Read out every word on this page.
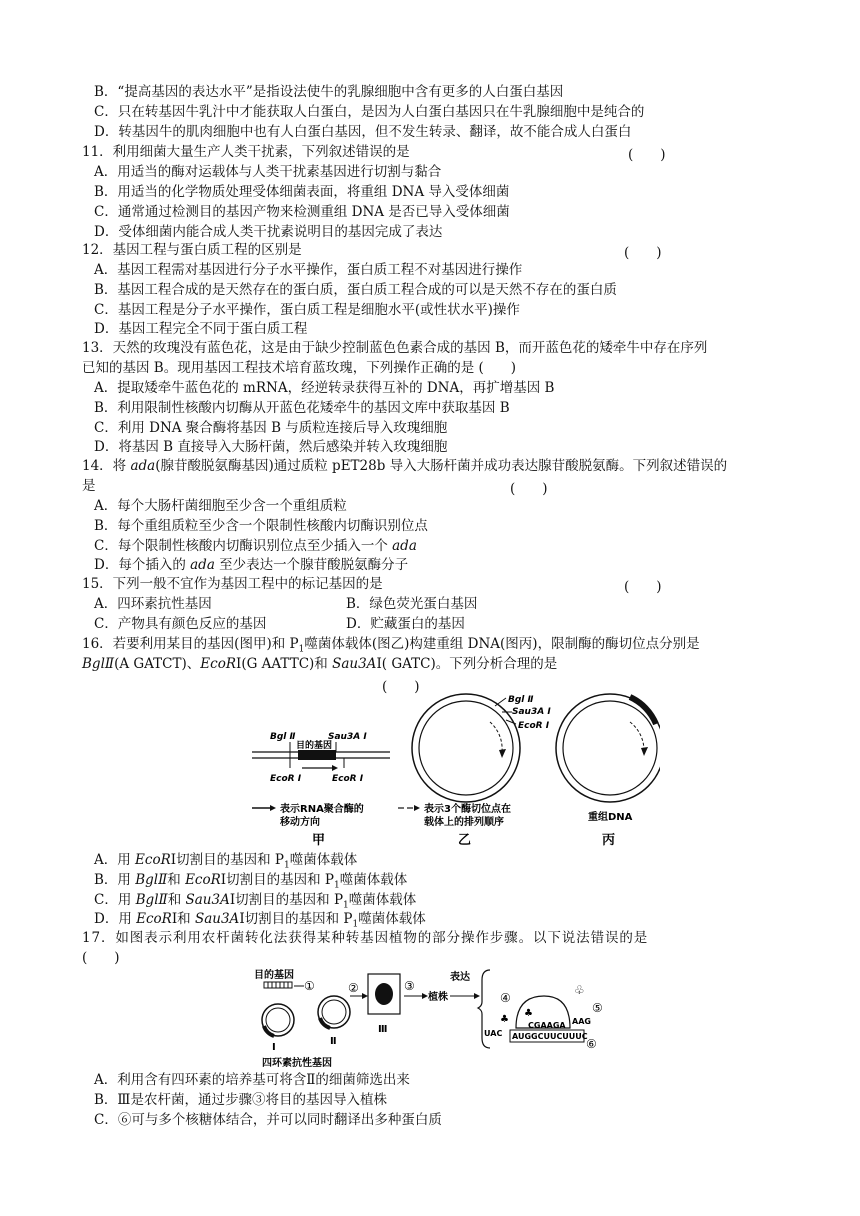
B．“提高基因的表达水平”是指设法使牛的乳腺细胞中含有更多的人白蛋白基因
C．只在转基因牛乳汁中才能获取人白蛋白，是因为人白蛋白基因只在牛乳腺细胞中是纯合的
D．转基因牛的肌肉细胞中也有人白蛋白基因，但不发生转录、翻译，故不能合成人白蛋白
11．利用细菌大量生产人类干扰素，下列叙述错误的是	(　　)
A．用适当的酶对运载体与人类干扰素基因进行切割与黏合
B．用适当的化学物质处理受体细菌表面，将重组 DNA 导入受体细菌
C．通常通过检测目的基因产物来检测重组 DNA 是否已导入受体细菌
D．受体细菌内能合成人类干扰素说明目的基因完成了表达
12．基因工程与蛋白质工程的区别是	(　　)
A．基因工程需对基因进行分子水平操作，蛋白质工程不对基因进行操作
B．基因工程合成的是天然存在的蛋白质，蛋白质工程合成的可以是天然不存在的蛋白质
C．基因工程是分子水平操作，蛋白质工程是细胞水平(或性状水平)操作
D．基因工程完全不同于蛋白质工程
13．天然的玫瑰没有蓝色花，这是由于缺少控制蓝色色素合成的基因 B，而开蓝色花的矮牵牛中存在序列
已知的基因 B。现用基因工程技术培育蓝玫瑰，下列操作正确的是 (　　)
A．提取矮牵牛蓝色花的 mRNA，经逆转录获得互补的 DNA，再扩增基因 B
B．利用限制性核酸内切酶从开蓝色花矮牵牛的基因文库中获取基因 B
C．利用 DNA 聚合酶将基因 B 与质粒连接后导入玫瑰细胞
D．将基因 B 直接导入大肠杆菌，然后感染并转入玫瑰细胞
14．将 ada(腺苷酸脱氨酶基因)通过质粒 pET28b 导入大肠杆菌并成功表达腺苷酸脱氨酶。下列叙述错误的
是	(　　)
A．每个大肠杆菌细胞至少含一个重组质粒
B．每个重组质粒至少含一个限制性核酸内切酶识别位点
C．每个限制性核酸内切酶识别位点至少插入一个 ada
D．每个插入的 ada 至少表达一个腺苷酸脱氨酶分子
15．下列一般不宜作为基因工程中的标记基因的是	(　　)
A．四环素抗性基因	B．绿色荧光蛋白基因
C．产物具有颜色反应的基因	D．贮藏蛋白的基因
16．若要利用某目的基因(图甲)和 $P_1$噬菌体载体(图乙)构建重组 DNA(图丙)，限制酶的酶切位点分别是
BglⅡ(A GATCT)、EcoRⅠ(G AATTC)和 Sau3AⅠ( GATC)。下列分析合理的是
(　　)
Bgl Ⅱ	Sau3A Ⅰ
目的基因
EcoR Ⅰ	EcoR Ⅰ
表示RNA聚合酶的
移动方向
甲
Bgl Ⅱ
Sau3A Ⅰ
EcoR Ⅰ
表示3个酶切位点在
载体上的排列顺序
乙
重组DNA
丙
A．用 EcoRⅠ切割目的基因和 $P_1$噬菌体载体
B．用 BglⅡ和 EcoRⅠ切割目的基因和 $P_1$噬菌体载体
C．用 BglⅡ和 Sau3AⅠ切割目的基因和 $P_1$噬菌体载体
D．用 EcoRⅠ和 Sau3AⅠ切割目的基因和 $P_1$噬菌体载体
17．如图表示利用农杆菌转化法获得某种转基因植物的部分操作步骤。以下说法错误的是
(　　)
目的基因
Ⅰ
①
Ⅱ
②
Ⅲ
③
植株
表达
四环素抗性基因
④
♣
♣
UAC
CGAAGA
AUGGCUUCUUUC
⑥
♧
⑤
AAG
A．利用含有四环素的培养基可将含Ⅱ的细菌筛选出来
B．Ⅲ是农杆菌，通过步骤③将目的基因导入植株
C．⑥可与多个核糖体结合，并可以同时翻译出多种蛋白质
